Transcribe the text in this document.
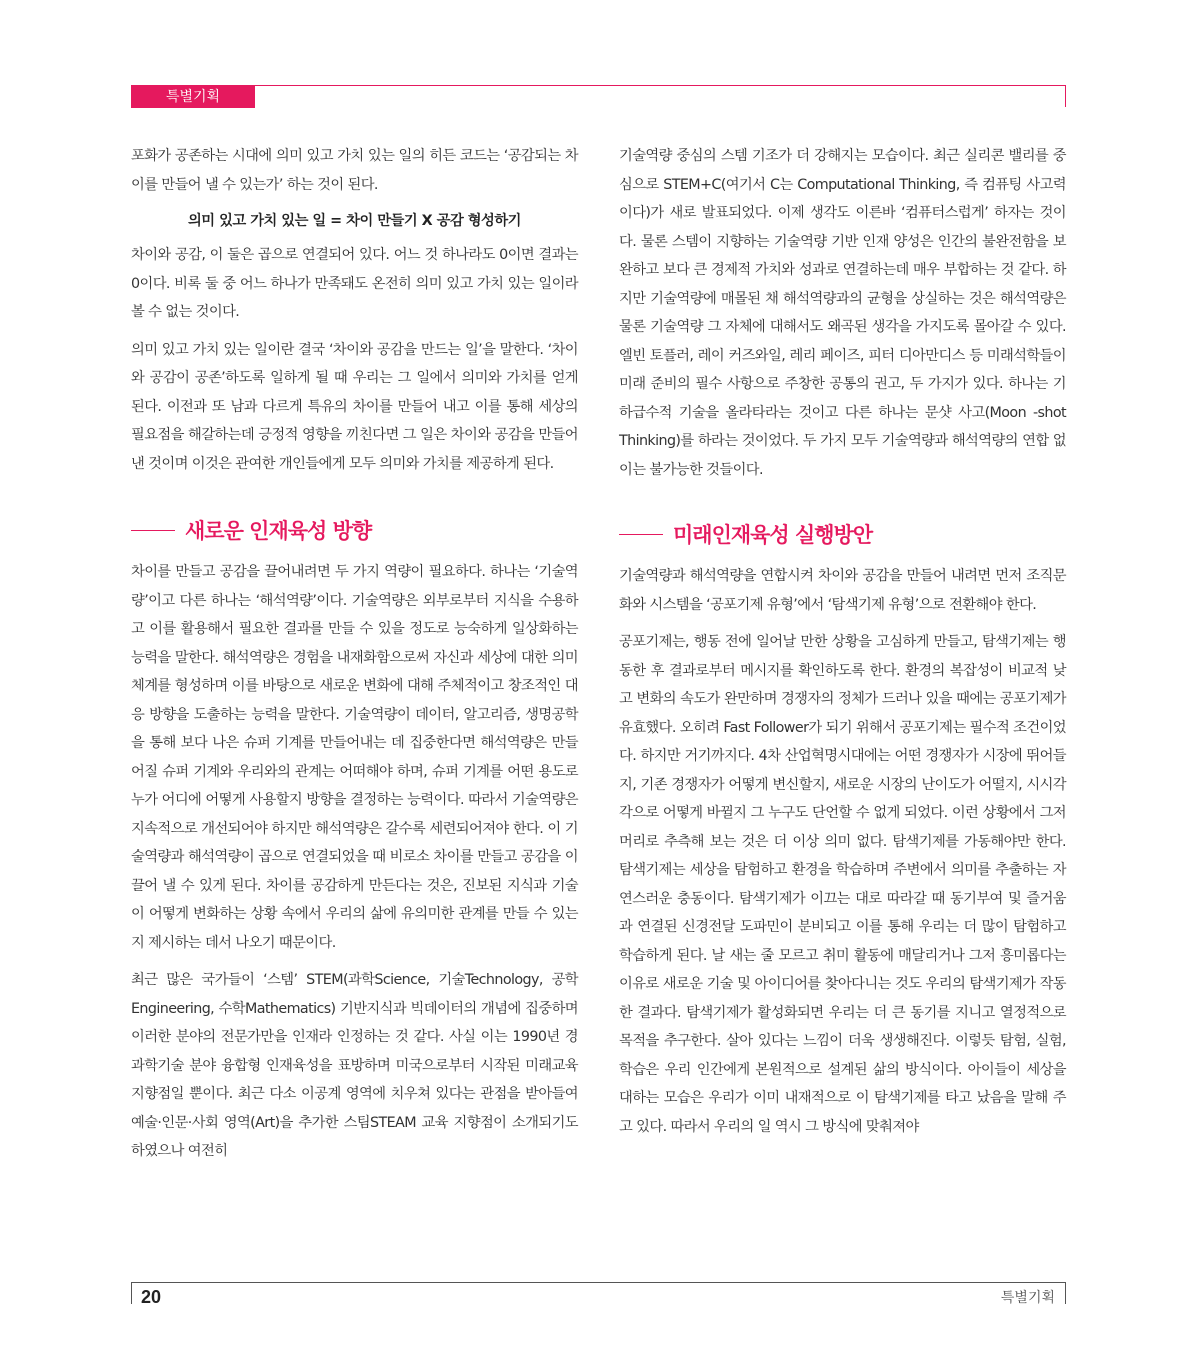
특별기획

포화가 공존하는 시대에 의미 있고 가치 있는 일의 히든 코드는 ‘공감되는 차이를 만들어 낼 수 있는가’ 하는 것이 된다.

의미 있고 가치 있는 일 = 차이 만들기 X 공감 형성하기

차이와 공감, 이 둘은 곱으로 연결되어 있다. 어느 것 하나라도 0이면 결과는 0이다. 비록 둘 중 어느 하나가 만족돼도 온전히 의미 있고 가치 있는 일이라 볼 수 없는 것이다.

의미 있고 가치 있는 일이란 결국 ‘차이와 공감을 만드는 일’을 말한다. ‘차이와 공감이 공존’하도록 일하게 될 때 우리는 그 일에서 의미와 가치를 얻게 된다. 이전과 또 남과 다르게 특유의 차이를 만들어 내고 이를 통해 세상의 필요점을 해갈하는데 긍정적 영향을 끼친다면 그 일은 차이와 공감을 만들어 낸 것이며 이것은 관여한 개인들에게 모두 의미와 가치를 제공하게 된다.

새로운 인재육성 방향

차이를 만들고 공감을 끌어내려면 두 가지 역량이 필요하다. 하나는 ‘기술역량’이고 다른 하나는 ‘해석역량’이다. 기술역량은 외부로부터 지식을 수용하고 이를 활용해서 필요한 결과를 만들 수 있을 정도로 능숙하게 일상화하는 능력을 말한다. 해석역량은 경험을 내재화함으로써 자신과 세상에 대한 의미 체계를 형성하며 이를 바탕으로 새로운 변화에 대해 주체적이고 창조적인 대응 방향을 도출하는 능력을 말한다. 기술역량이 데이터, 알고리즘, 생명공학을 통해 보다 나은 슈퍼 기계를 만들어내는 데 집중한다면 해석역량은 만들어질 슈퍼 기계와 우리와의 관계는 어떠해야 하며, 슈퍼 기계를 어떤 용도로 누가 어디에 어떻게 사용할지 방향을 결정하는 능력이다. 따라서 기술역량은 지속적으로 개선되어야 하지만 해석역량은 갈수록 세련되어져야 한다. 이 기술역량과 해석역량이 곱으로 연결되었을 때 비로소 차이를 만들고 공감을 이끌어 낼 수 있게 된다. 차이를 공감하게 만든다는 것은, 진보된 지식과 기술이 어떻게 변화하는 상황 속에서 우리의 삶에 유의미한 관계를 만들 수 있는지 제시하는 데서 나오기 때문이다.

최근 많은 국가들이 ‘스템’ STEM(과학Science, 기술Technology, 공학Engineering, 수학Mathematics) 기반지식과 빅데이터의 개념에 집중하며 이러한 분야의 전문가만을 인재라 인정하는 것 같다. 사실 이는 1990년 경 과학기술 분야 융합형 인재육성을 표방하며 미국으로부터 시작된 미래교육 지향점일 뿐이다. 최근 다소 이공계 영역에 치우쳐 있다는 관점을 받아들여 예술·인문·사회 영역(Art)을 추가한 스팀STEAM 교육 지향점이 소개되기도 하였으나 여전히

기술역량 중심의 스템 기조가 더 강해지는 모습이다. 최근 실리콘 밸리를 중심으로 STEM+C(여기서 C는 Computational Thinking, 즉 컴퓨팅 사고력이다)가 새로 발표되었다. 이제 생각도 이른바 ‘컴퓨터스럽게’ 하자는 것이다. 물론 스템이 지향하는 기술역량 기반 인재 양성은 인간의 불완전함을 보완하고 보다 큰 경제적 가치와 성과로 연결하는데 매우 부합하는 것 같다. 하지만 기술역량에 매몰된 채 해석역량과의 균형을 상실하는 것은 해석역량은 물론 기술역량 그 자체에 대해서도 왜곡된 생각을 가지도록 몰아갈 수 있다. 엘빈 토플러, 레이 커즈와일, 레리 페이즈, 피터 디아만디스 등 미래석학들이 미래 준비의 필수 사항으로 주창한 공통의 권고, 두 가지가 있다. 하나는 기하급수적 기술을 올라타라는 것이고 다른 하나는 문샷 사고(Moon -shot Thinking)를 하라는 것이었다. 두 가지 모두 기술역량과 해석역량의 연합 없이는 불가능한 것들이다.

미래인재육성 실행방안

기술역량과 해석역량을 연합시켜 차이와 공감을 만들어 내려면 먼저 조직문화와 시스템을 ‘공포기제 유형’에서 ‘탐색기제 유형’으로 전환해야 한다.

공포기제는, 행동 전에 일어날 만한 상황을 고심하게 만들고, 탐색기제는 행동한 후 결과로부터 메시지를 확인하도록 한다. 환경의 복잡성이 비교적 낮고 변화의 속도가 완만하며 경쟁자의 정체가 드러나 있을 때에는 공포기제가 유효했다. 오히려 Fast Follower가 되기 위해서 공포기제는 필수적 조건이었다. 하지만 거기까지다. 4차 산업혁명시대에는 어떤 경쟁자가 시장에 뛰어들지, 기존 경쟁자가 어떻게 변신할지, 새로운 시장의 난이도가 어떨지, 시시각각으로 어떻게 바뀔지 그 누구도 단언할 수 없게 되었다. 이런 상황에서 그저 머리로 추측해 보는 것은 더 이상 의미 없다. 탐색기제를 가동해야만 한다. 탐색기제는 세상을 탐험하고 환경을 학습하며 주변에서 의미를 추출하는 자연스러운 충동이다. 탐색기제가 이끄는 대로 따라갈 때 동기부여 및 즐거움과 연결된 신경전달 도파민이 분비되고 이를 통해 우리는 더 많이 탐험하고 학습하게 된다. 날 새는 줄 모르고 취미 활동에 매달리거나 그저 흥미롭다는 이유로 새로운 기술 및 아이디어를 찾아다니는 것도 우리의 탐색기제가 작동한 결과다. 탐색기제가 활성화되면 우리는 더 큰 동기를 지니고 열정적으로 목적을 추구한다. 살아 있다는 느낌이 더욱 생생해진다. 이렇듯 탐험, 실험, 학습은 우리 인간에게 본원적으로 설계된 삶의 방식이다. 아이들이 세상을 대하는 모습은 우리가 이미 내재적으로 이 탐색기제를 타고 났음을 말해 주고 있다. 따라서 우리의 일 역시 그 방식에 맞춰져야

20	특별기획
